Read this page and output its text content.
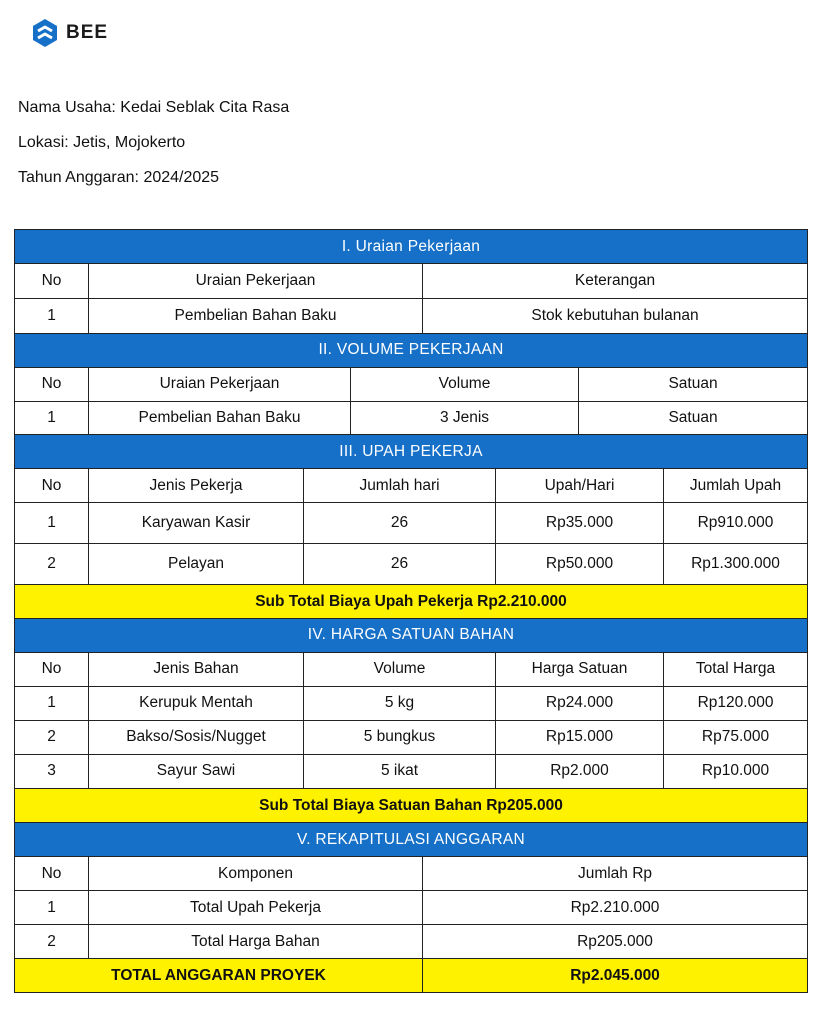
BEE
Nama Usaha: Kedai Seblak Cita Rasa
Lokasi: Jetis, Mojokerto
Tahun Anggaran: 2024/2025
I. Uraian Pekerjaan		
No	Uraian Pekerjaan	Keterangan
1	Pembelian Bahan Baku	Stok kebutuhan bulanan
II. VOLUME PEKERJAAN			
No	Uraian Pekerjaan	Volume	Satuan
1	Pembelian Bahan Baku	3 Jenis	Satuan
III. UPAH PEKERJA				
No	Jenis Pekerja	Jumlah hari	Upah/Hari	Jumlah Upah
1	Karyawan Kasir	26	Rp35.000	Rp910.000
2	Pelayan	26	Rp50.000	Rp1.300.000
Sub Total Biaya Upah Pekerja Rp2.210.000				
IV. HARGA SATUAN BAHAN				
No	Jenis Bahan	Volume	Harga Satuan	Total Harga
1	Kerupuk Mentah	5 kg	Rp24.000	Rp120.000
2	Bakso/Sosis/Nugget	5 bungkus	Rp15.000	Rp75.000
3	Sayur Sawi	5 ikat	Rp2.000	Rp10.000
Sub Total Biaya Satuan Bahan Rp205.000				
V. REKAPITULASI ANGGARAN		
No	Komponen	Jumlah Rp
1	Total Upah Pekerja	Rp2.210.000
2	Total Harga Bahan	Rp205.000
TOTAL ANGGARAN PROYEK		Rp2.045.000
